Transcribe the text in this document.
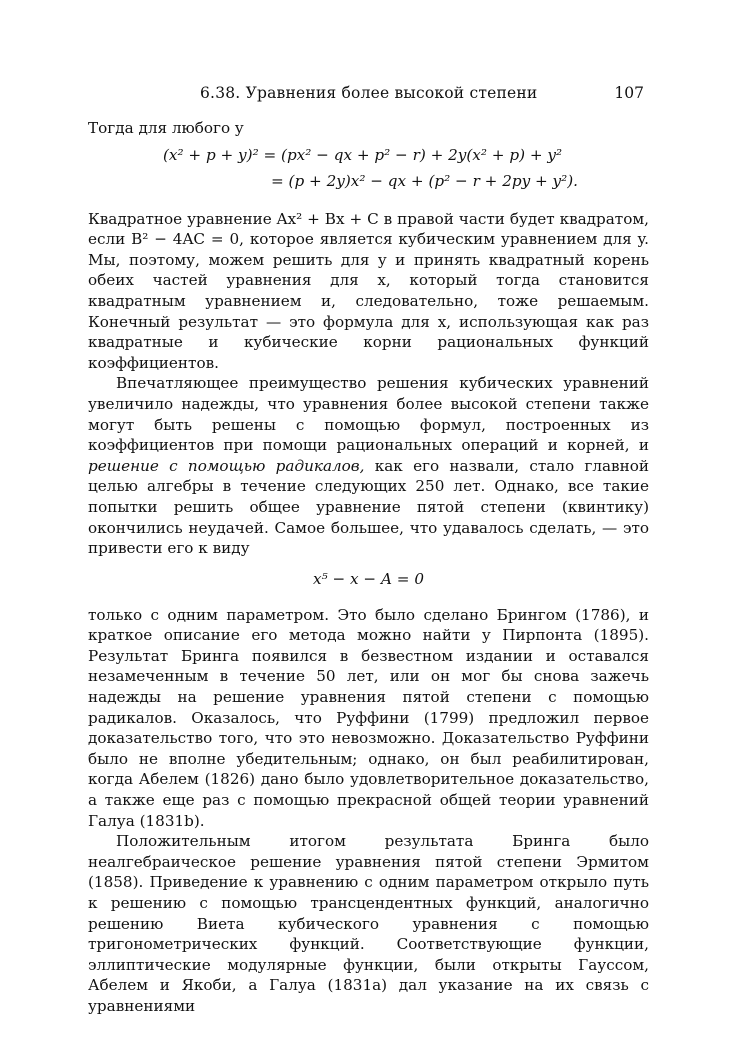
6.38. Уравнения более высокой степени	107

Тогда для любого y

(x² + p + y)² = (px² − qx + p² − r) + 2y(x² + p) + y²
= (p + 2y)x² − qx + (p² − r + 2py + y²).

Квадратное уравнение Ax² + Bx + C в правой части будет квадратом, если B² − 4AC = 0, которое является кубическим уравнением для y. Мы, поэтому, можем решить для y и принять квадратный корень обеих частей уравнения для x, который тогда становится квадратным уравнением и, следовательно, тоже решаемым. Конечный результат — это формула для x, использующая как раз квадратные и кубические корни рациональных функций коэффициентов.

Впечатляющее преимущество решения кубических уравнений увеличило надежды, что уравнения более высокой степени также могут быть решены с помощью формул, построенных из коэффициентов при помощи рациональных операций и корней, и решение с помощью радикалов, как его назвали, стало главной целью алгебры в течение следующих 250 лет. Однако, все такие попытки решить общее уравнение пятой степени (квинтику) окончились неудачей. Самое большее, что удавалось сделать, — это привести его к виду

x⁵ − x − A = 0

только с одним параметром. Это было сделано Брингом (1786), и краткое описание его метода можно найти у Пирпонта (1895). Результат Бринга появился в безвестном издании и оставался незамеченным в течение 50 лет, или он мог бы снова зажечь надежды на решение уравнения пятой степени с помощью радикалов. Оказалось, что Руффини (1799) предложил первое доказательство того, что это невозможно. Доказательство Руффини было не вполне убедительным; однако, он был реабилитирован, когда Абелем (1826) дано было удовлетворительное доказательство, а также еще раз с помощью прекрасной общей теории уравнений Галуа (1831b).

Положительным итогом результата Бринга было неалгебраическое решение уравнения пятой степени Эрмитом (1858). Приведение к уравнению с одним параметром открыло путь к решению с помощью трансцендентных функций, аналогично решению Виета кубического уравнения с помощью тригонометрических функций. Соответствующие функции, эллиптические модулярные функции, были открыты Гауссом, Абелем и Якоби, а Галуа (1831a) дал указание на их связь с уравнениями
